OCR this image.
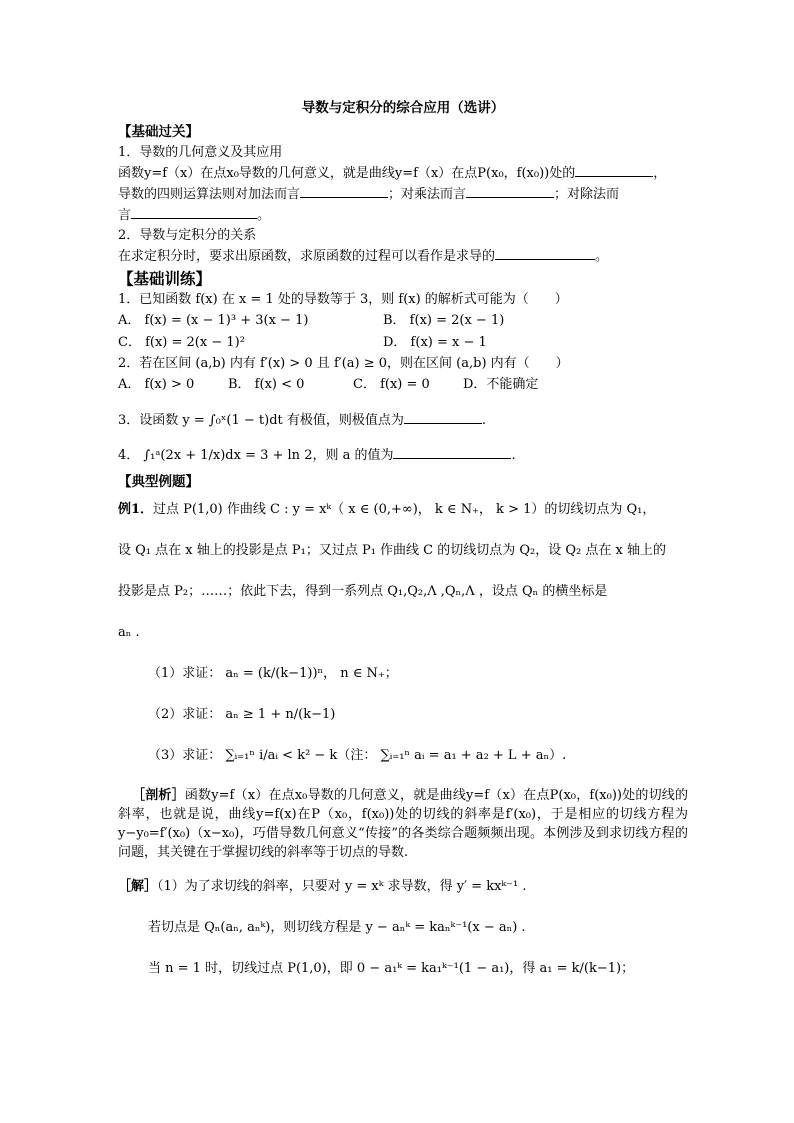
导数与定积分的综合应用（选讲）
【基础过关】
1．导数的几何意义及其应用
函数y=f（x）在点x₀导数的几何意义，就是曲线y=f（x）在点P(x₀，f(x₀))处的	，
导数的四则运算法则对加法而言	；对乘法而言	；对除法而
言	。
2．导数与定积分的关系
在求定积分时，要求出原函数，求原函数的过程可以看作是求导的	。
【基础训练】
1．已知函数 f(x) 在 x = 1 处的导数等于 3，则 f(x) 的解析式可能为（　　）
A． f(x) = (x − 1)³ + 3(x − 1)	B． f(x) = 2(x − 1)
C． f(x) = 2(x − 1)²	D． f(x) = x − 1
2．若在区间 (a,b) 内有 f′(x) > 0 且 f′(a) ≥ 0，则在区间 (a,b) 内有（　　）
A． f(x) > 0	B． f(x) < 0	C． f(x) = 0	D．不能确定
3．设函数 y = ∫₀ˣ(1 − t)dt 有极值，则极值点为	.
4． ∫₁ᵃ(2x + 1/x)dx = 3 + ln 2，则 a 的值为	.
【典型例题】
例1．过点 P(1,0) 作曲线 C : y = xᵏ（ x ∈ (0,+∞)， k ∈ N₊， k > 1）的切线切点为 Q₁，
设 Q₁ 点在 x 轴上的投影是点 P₁；又过点 P₁ 作曲线 C 的切线切点为 Q₂，设 Q₂ 点在 x 轴上的
投影是点 P₂；……；依此下去，得到一系列点 Q₁,Q₂,Λ ,Qₙ,Λ ，设点 Qₙ 的横坐标是
aₙ .
（1）求证： aₙ = (k/(k−1))ⁿ， n ∈ N₊；
（2）求证： aₙ ≥ 1 + n/(k−1)
（3）求证： ∑ᵢ₌₁ⁿ i/aᵢ < k² − k（注： ∑ᵢ₌₁ⁿ aᵢ = a₁ + a₂ + L + aₙ）.
［剖析］函数y=f（x）在点x₀导数的几何意义，就是曲线y=f（x）在点P(x₀，f(x₀))处的切线的斜率，也就是说，曲线y=f(x)在P（x₀，f(x₀))处的切线的斜率是f′(x₀)，于是相应的切线方程为y−y₀=f′(x₀)（x−x₀)，巧借导数几何意义“传接”的各类综合题频频出现。本例涉及到求切线方程的问题，其关键在于掌握切线的斜率等于切点的导数.
［解］（1）为了求切线的斜率，只要对 y = xᵏ 求导数，得 y′ = kxᵏ⁻¹ .
若切点是 Qₙ(aₙ, aₙᵏ)，则切线方程是 y − aₙᵏ = kaₙᵏ⁻¹(x − aₙ) .
当 n = 1 时，切线过点 P(1,0)，即 0 − a₁ᵏ = ka₁ᵏ⁻¹(1 − a₁)，得 a₁ = k/(k−1)；
